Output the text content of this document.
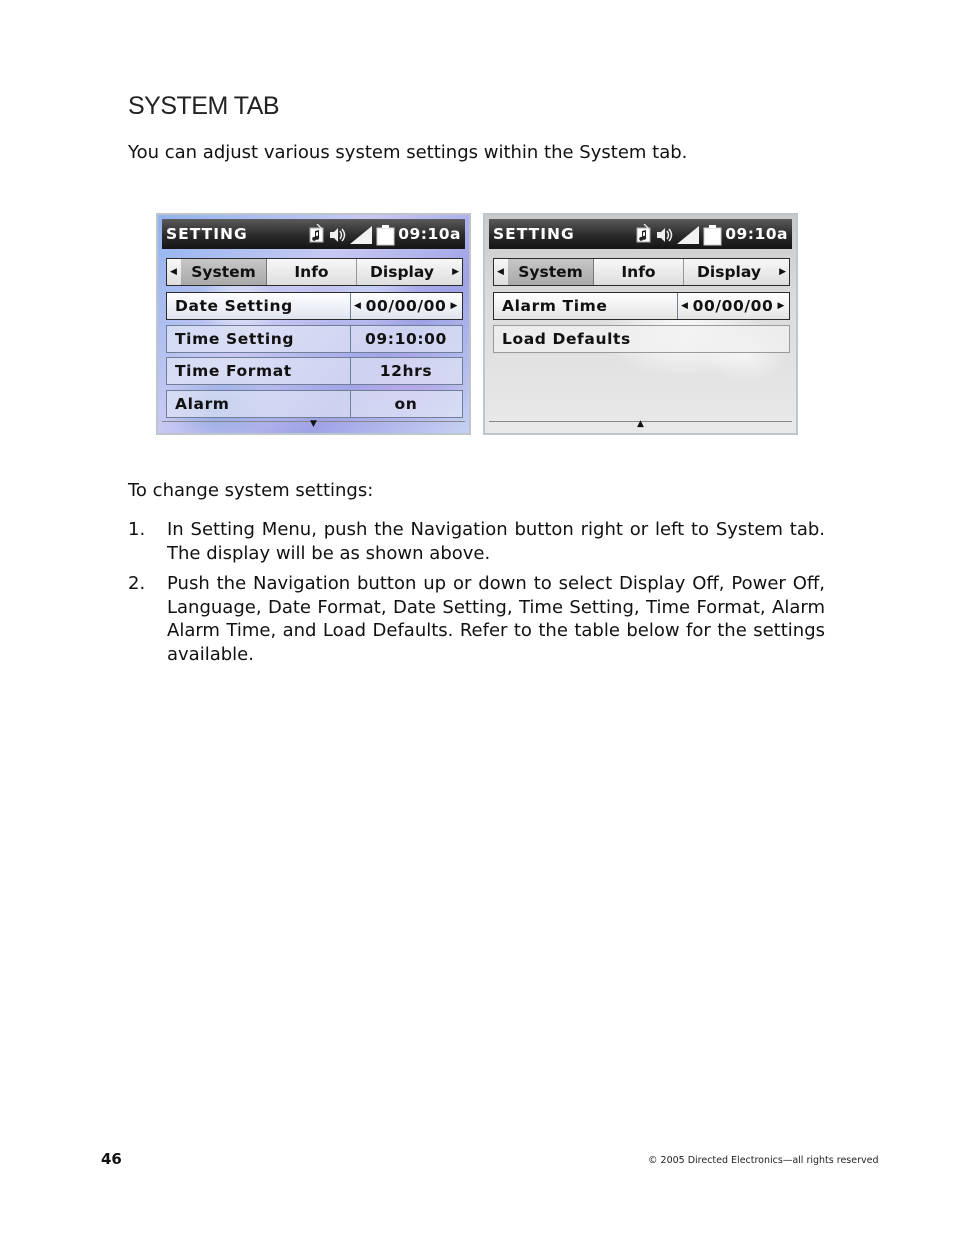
SYSTEM TAB
You can adjust various system settings within the System tab.
SETTING	09:10a
◀ System	Info	Display	▶
Date Setting	◀ 00/00/00 ▶
Time Setting	09:10:00
Time Format	12hrs
Alarm	on
▼
SETTING	09:10a
◀ System	Info	Display	▶
Alarm Time	◀ 00/00/00 ▶
Load Defaults
▲
To change system settings:
1. In Setting Menu, push the Navigation button right or left to System tab. The display will be as shown above.
2. Push the Navigation button up or down to select Display Off, Power Off, Language, Date Format, Date Setting, Time Setting, Time Format, Alarm Alarm Time, and Load Defaults. Refer to the table below for the settings available.
46	© 2005 Directed Electronics—all rights reserved
